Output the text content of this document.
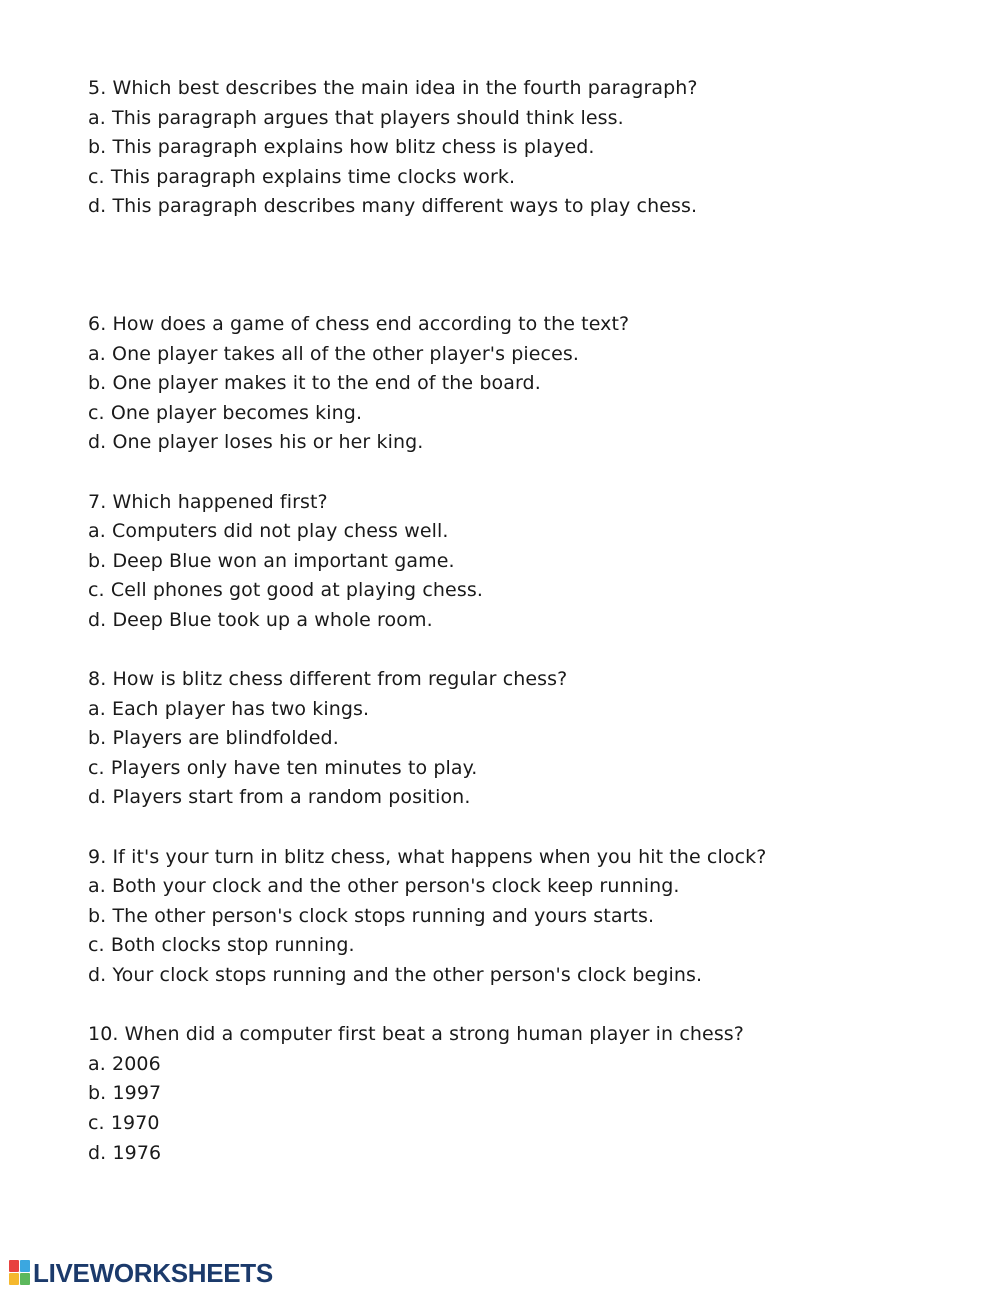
5. Which best describes the main idea in the fourth paragraph?
a. This paragraph argues that players should think less.
b. This paragraph explains how blitz chess is played.
c. This paragraph explains time clocks work.
d. This paragraph describes many different ways to play chess.
6. How does a game of chess end according to the text?
a. One player takes all of the other player's pieces.
b. One player makes it to the end of the board.
c. One player becomes king.
d. One player loses his or her king.
7. Which happened first?
a. Computers did not play chess well.
b. Deep Blue won an important game.
c. Cell phones got good at playing chess.
d. Deep Blue took up a whole room.
8. How is blitz chess different from regular chess?
a. Each player has two kings.
b. Players are blindfolded.
c. Players only have ten minutes to play.
d. Players start from a random position.
9. If it's your turn in blitz chess, what happens when you hit the clock?
a. Both your clock and the other person's clock keep running.
b. The other person's clock stops running and yours starts.
c. Both clocks stop running.
d. Your clock stops running and the other person's clock begins.
10. When did a computer first beat a strong human player in chess?
a. 2006
b. 1997
c. 1970
d. 1976
LIVEWORKSHEETS
